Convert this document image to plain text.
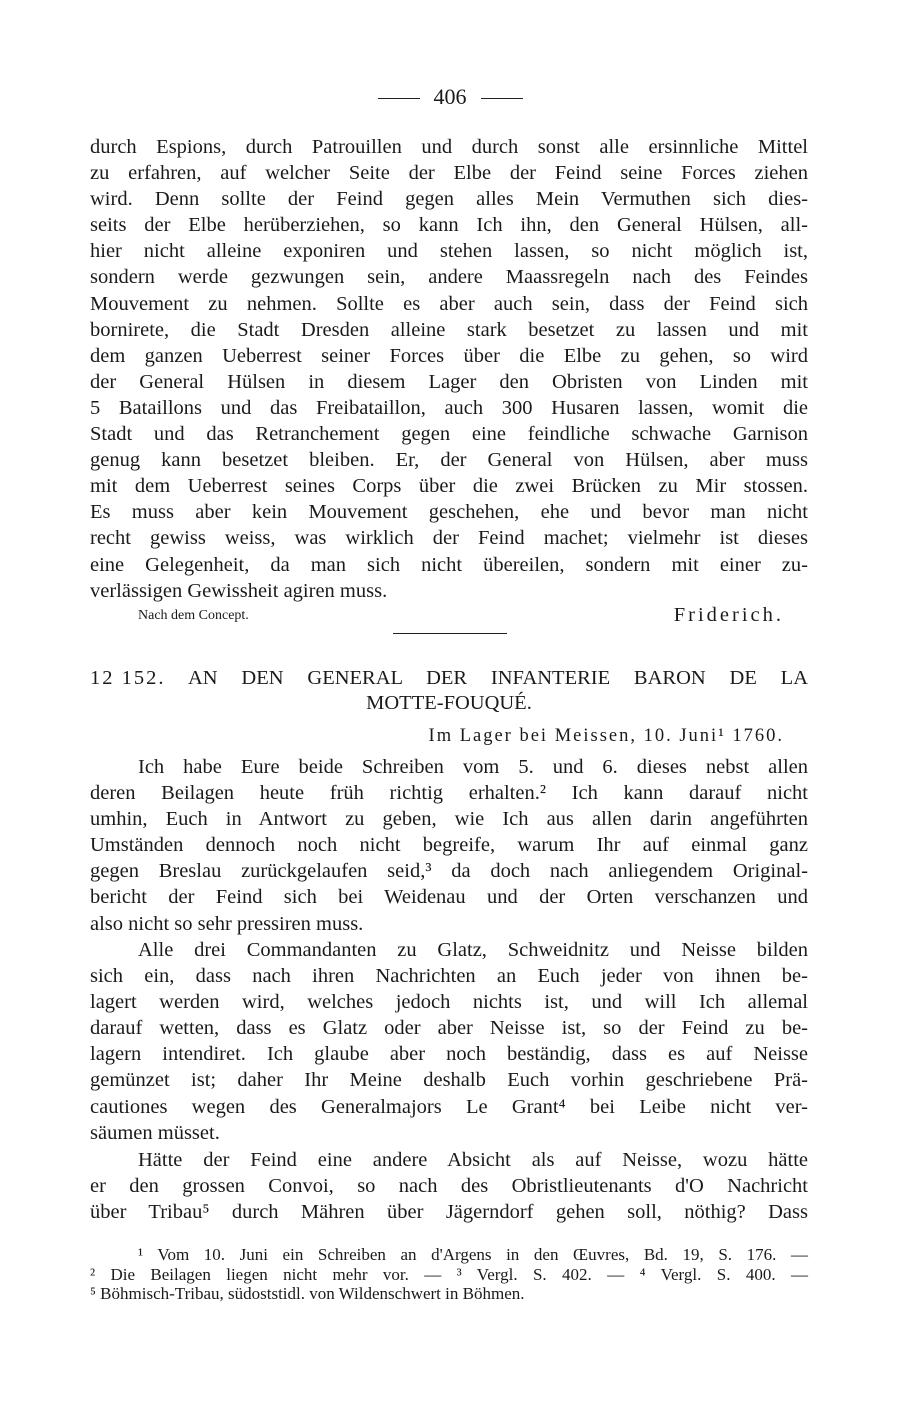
406
durch Espions, durch Patrouillen und durch sonst alle ersinnliche Mittel
zu erfahren, auf welcher Seite der Elbe der Feind seine Forces ziehen
wird. Denn sollte der Feind gegen alles Mein Vermuthen sich dies-
seits der Elbe herüberziehen, so kann Ich ihn, den General Hülsen, all-
hier nicht alleine exponiren und stehen lassen, so nicht möglich ist,
sondern werde gezwungen sein, andere Maassregeln nach des Feindes
Mouvement zu nehmen. Sollte es aber auch sein, dass der Feind sich
bornirete, die Stadt Dresden alleine stark besetzet zu lassen und mit
dem ganzen Ueberrest seiner Forces über die Elbe zu gehen, so wird
der General Hülsen in diesem Lager den Obristen von Linden mit
5 Bataillons und das Freibataillon, auch 300 Husaren lassen, womit die
Stadt und das Retranchement gegen eine feindliche schwache Garnison
genug kann besetzet bleiben. Er, der General von Hülsen, aber muss
mit dem Ueberrest seines Corps über die zwei Brücken zu Mir stossen.
Es muss aber kein Mouvement geschehen, ehe und bevor man nicht
recht gewiss weiss, was wirklich der Feind machet; vielmehr ist dieses
eine Gelegenheit, da man sich nicht übereilen, sondern mit einer zu-
verlässigen Gewissheit agiren muss.
Nach dem Concept.	Friderich.
12 152. AN DEN GENERAL DER INFANTERIE BARON DE LA
MOTTE-FOUQUÉ.
Im Lager bei Meissen, 10. Juni¹ 1760.
Ich habe Eure beide Schreiben vom 5. und 6. dieses nebst allen
deren Beilagen heute früh richtig erhalten.² Ich kann darauf nicht
umhin, Euch in Antwort zu geben, wie Ich aus allen darin angeführten
Umständen dennoch noch nicht begreife, warum Ihr auf einmal ganz
gegen Breslau zurückgelaufen seid,³ da doch nach anliegendem Original-
bericht der Feind sich bei Weidenau und der Orten verschanzen und
also nicht so sehr pressiren muss.
Alle drei Commandanten zu Glatz, Schweidnitz und Neisse bilden
sich ein, dass nach ihren Nachrichten an Euch jeder von ihnen be-
lagert werden wird, welches jedoch nichts ist, und will Ich allemal
darauf wetten, dass es Glatz oder aber Neisse ist, so der Feind zu be-
lagern intendiret. Ich glaube aber noch beständig, dass es auf Neisse
gemünzet ist; daher Ihr Meine deshalb Euch vorhin geschriebene Prä-
cautiones wegen des Generalmajors Le Grant⁴ bei Leibe nicht ver-
säumen müsset.
Hätte der Feind eine andere Absicht als auf Neisse, wozu hätte
er den grossen Convoi, so nach des Obristlieutenants d'O Nachricht
über Tribau⁵ durch Mähren über Jägerndorf gehen soll, nöthig? Dass
¹ Vom 10. Juni ein Schreiben an d'Argens in den Œuvres, Bd. 19, S. 176. —
² Die Beilagen liegen nicht mehr vor. — ³ Vergl. S. 402. — ⁴ Vergl. S. 400. —
⁵ Böhmisch-Tribau, südoststidl. von Wildenschwert in Böhmen.
